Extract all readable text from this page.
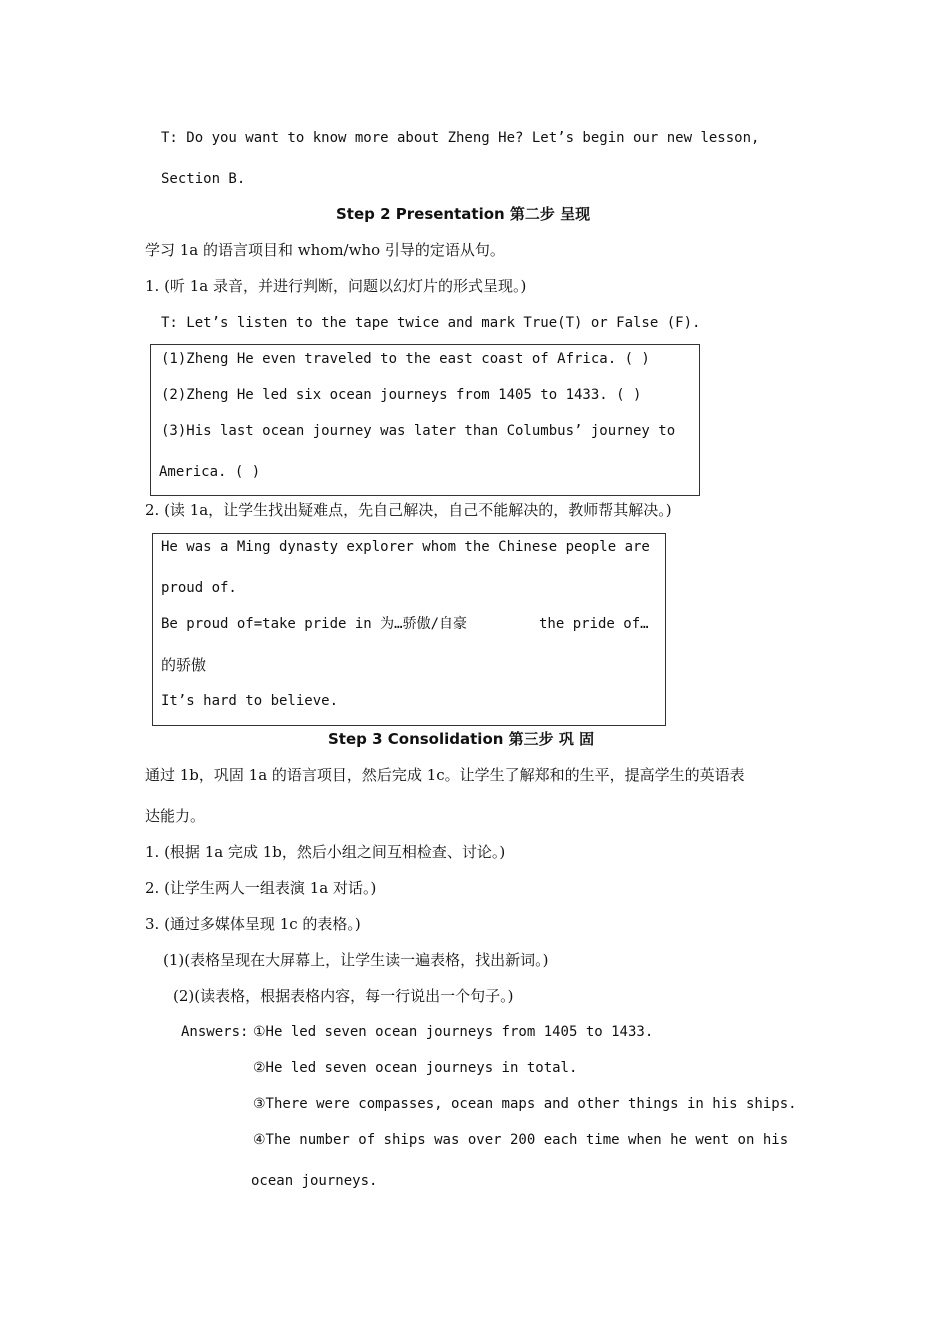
T: Do you want to know more about Zheng He? Let’s begin our new lesson,
Section B.
Step 2 Presentation 第二步 呈现
学习 1a 的语言项目和 whom/who 引导的定语从句。
1. (听 1a 录音，并进行判断，问题以幻灯片的形式呈现。)
T: Let’s listen to the tape twice and mark True(T) or False (F).
(1)Zheng He even traveled to the east coast of Africa. ( )
(2)Zheng He led six ocean journeys from 1405 to 1433. ( )
(3)His last ocean journey was later than Columbus’ journey to
America. ( )
2. (读 1a，让学生找出疑难点，先自己解决，自己不能解决的，教师帮其解决。)
He was a Ming dynasty explorer whom the Chinese people are
proud of.
Be proud of=take pride in 为…骄傲/自豪	the pride of…
的骄傲
It’s hard to believe.
Step 3 Consolidation 第三步 巩 固
通过 1b，巩固 1a 的语言项目，然后完成 1c。让学生了解郑和的生平，提高学生的英语表
达能力。
1. (根据 1a 完成 1b，然后小组之间互相检查、讨论。)
2. (让学生两人一组表演 1a 对话。)
3. (通过多媒体呈现 1c 的表格。)
(1)(表格呈现在大屏幕上，让学生读一遍表格，找出新词。)
(2)(读表格，根据表格内容，每一行说出一个句子。)
Answers: ①He led seven ocean journeys from 1405 to 1433.
②He led seven ocean journeys in total.
③There were compasses, ocean maps and other things in his ships.
④The number of ships was over 200 each time when he went on his
ocean journeys.
